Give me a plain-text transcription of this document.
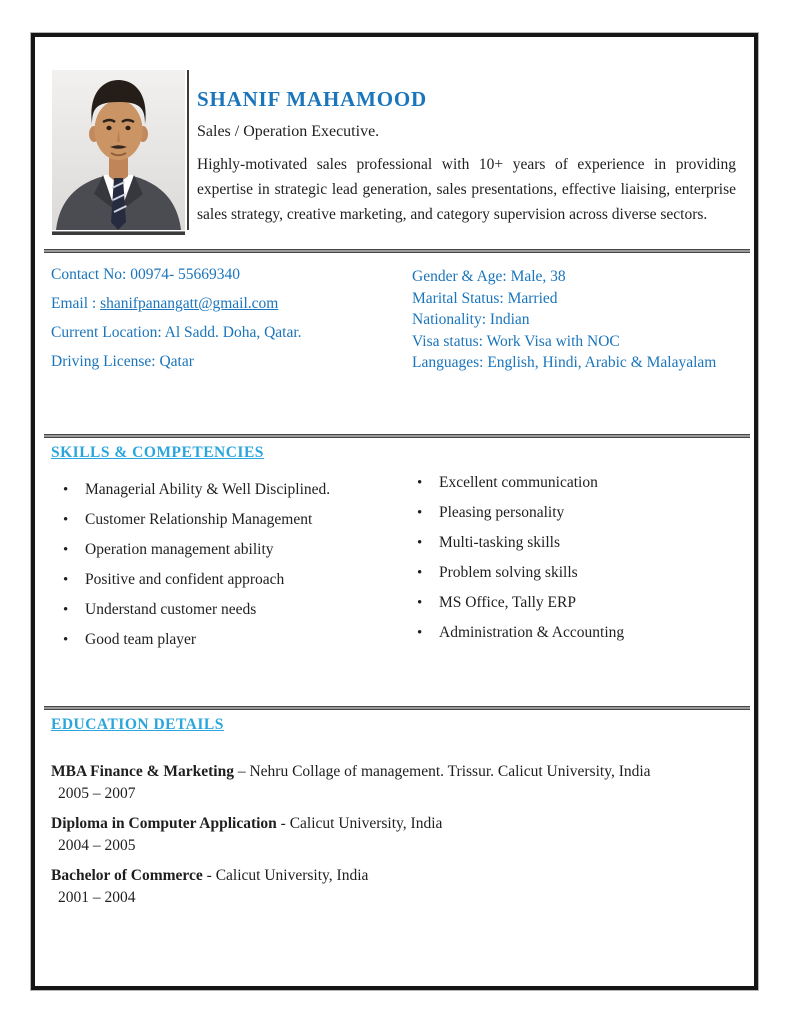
SHANIF MAHAMOOD

Sales / Operation Executive.

Highly-motivated sales professional with 10+ years of experience in providing expertise in strategic lead generation, sales presentations, effective liaising, enterprise sales strategy, creative marketing, and category supervision across diverse sectors.

Contact No: 00974- 55669340
Email : shanifpanangatt@gmail.com
Current Location: Al Sadd. Doha, Qatar.
Driving License: Qatar
Gender & Age: Male, 38
Marital Status: Married
Nationality: Indian
Visa status: Work Visa with NOC
Languages: English, Hindi, Arabic & Malayalam
SKILLS & COMPETENCIES
•
Managerial Ability & Well Disciplined.
•
Customer Relationship Management
•
Operation management ability
•
Positive and confident approach
•
Understand customer needs
•
Good team player
•
Excellent communication
•
Pleasing personality
•
Multi-tasking skills
•
Problem solving skills
•
MS Office, Tally ERP
•
Administration & Accounting
EDUCATION DETAILS

MBA Finance & Marketing – Nehru Collage of management. Trissur. Calicut University, India

2005 – 2007

Diploma in Computer Application - Calicut University, India

2004 – 2005

Bachelor of Commerce - Calicut University, India

2001 – 2004
